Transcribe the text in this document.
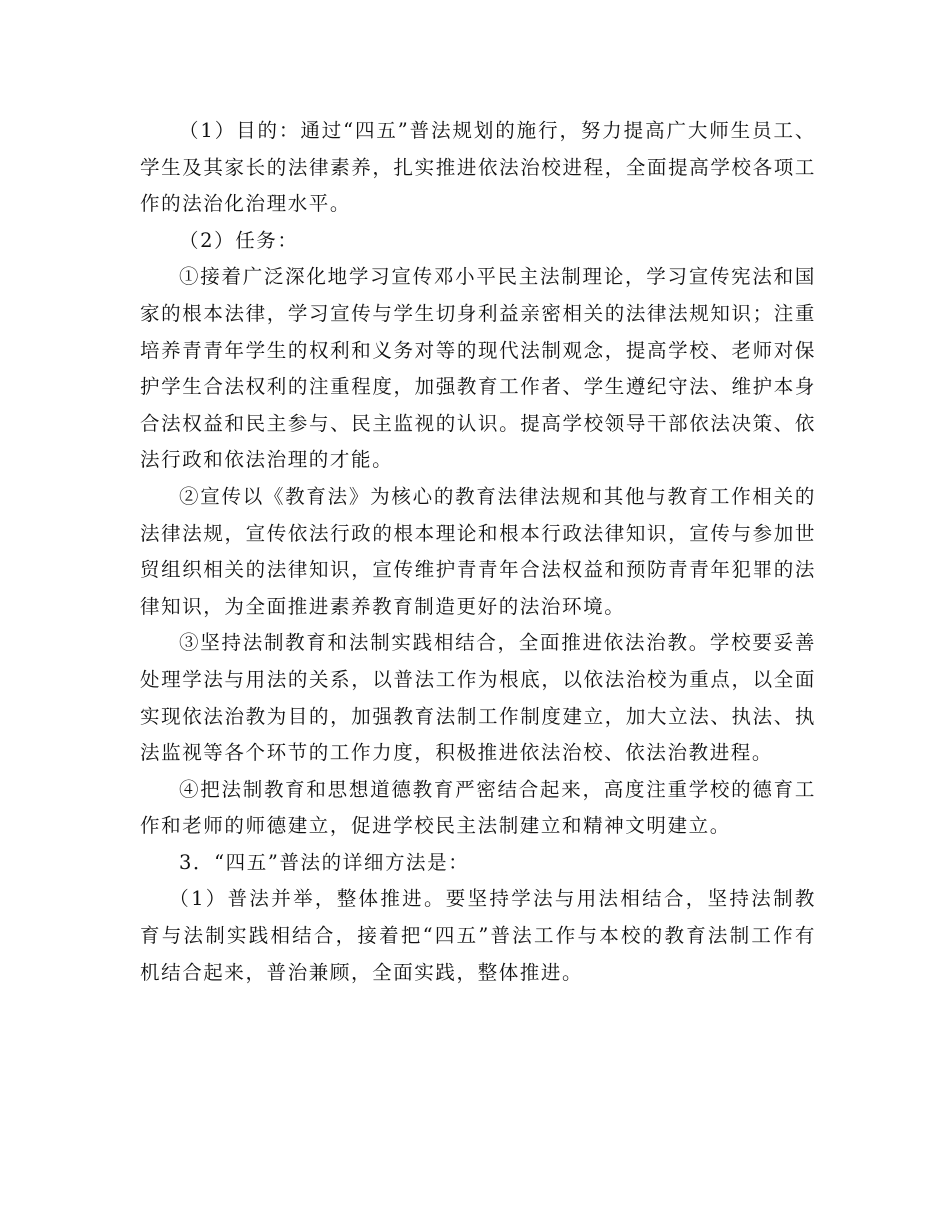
（1）目的：通过“四五”普法规划的施行，努力提高广大师生员工、学生及其家长的法律素养，扎实推进依法治校进程，全面提高学校各项工作的法治化治理水平。

（2）任务：

①接着广泛深化地学习宣传邓小平民主法制理论，学习宣传宪法和国家的根本法律，学习宣传与学生切身利益亲密相关的法律法规知识；注重培养青青年学生的权利和义务对等的现代法制观念，提高学校、老师对保护学生合法权利的注重程度，加强教育工作者、学生遵纪守法、维护本身合法权益和民主参与、民主监视的认识。提高学校领导干部依法决策、依法行政和依法治理的才能。

②宣传以《教育法》为核心的教育法律法规和其他与教育工作相关的法律法规，宣传依法行政的根本理论和根本行政法律知识，宣传与参加世贸组织相关的法律知识，宣传维护青青年合法权益和预防青青年犯罪的法律知识，为全面推进素养教育制造更好的法治环境。

③坚持法制教育和法制实践相结合，全面推进依法治教。学校要妥善处理学法与用法的关系，以普法工作为根底，以依法治校为重点，以全面实现依法治教为目的，加强教育法制工作制度建立，加大立法、执法、执法监视等各个环节的工作力度，积极推进依法治校、依法治教进程。

④把法制教育和思想道德教育严密结合起来，高度注重学校的德育工作和老师的师德建立，促进学校民主法制建立和精神文明建立。

3．“四五”普法的详细方法是：

（1）普法并举，整体推进。要坚持学法与用法相结合，坚持法制教育与法制实践相结合，接着把“四五”普法工作与本校的教育法制工作有机结合起来，普治兼顾，全面实践，整体推进。
